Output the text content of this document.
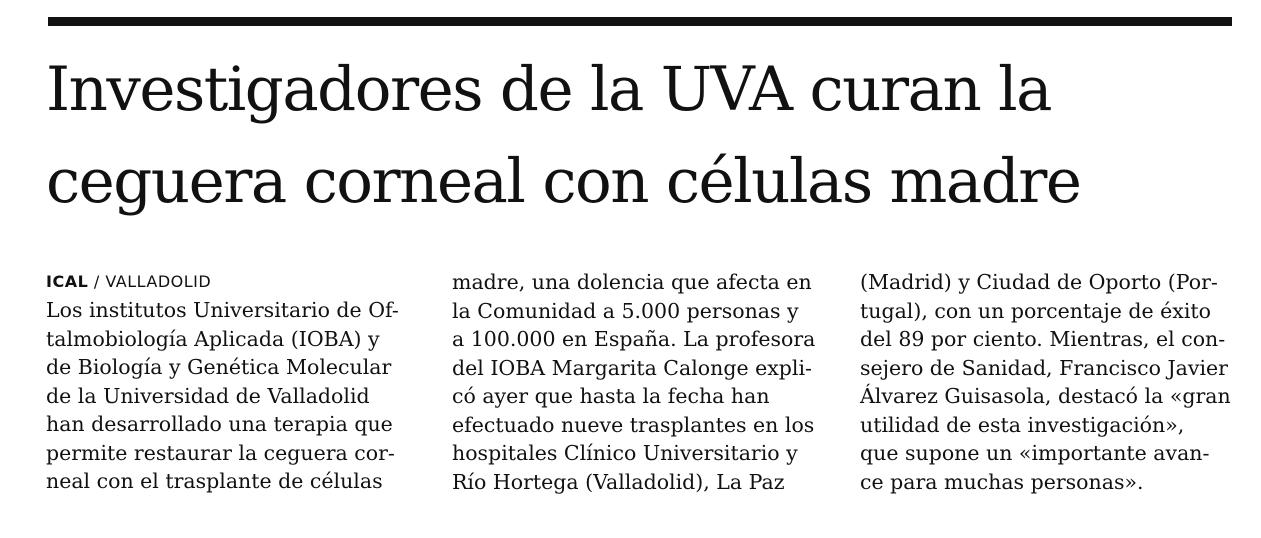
Investigadores de la UVA curan la
ceguera corneal con células madre
ICAL / VALLADOLID
Los institutos Universitario de Of-
talmobiología Aplicada (IOBA) y
de Biología y Genética Molecular
de la Universidad de Valladolid
han desarrollado una terapia que
permite restaurar la ceguera cor-
neal con el trasplante de células
madre, una dolencia que afecta en
la Comunidad a 5.000 personas y
a 100.000 en España. La profesora
del IOBA Margarita Calonge expli-
có ayer que hasta la fecha han
efectuado nueve trasplantes en los
hospitales Clínico Universitario y
Río Hortega (Valladolid), La Paz
(Madrid) y Ciudad de Oporto (Por-
tugal), con un porcentaje de éxito
del 89 por ciento. Mientras, el con-
sejero de Sanidad, Francisco Javier
Álvarez Guisasola, destacó la «gran
utilidad de esta investigación»,
que supone un «importante avan-
ce para muchas personas».
